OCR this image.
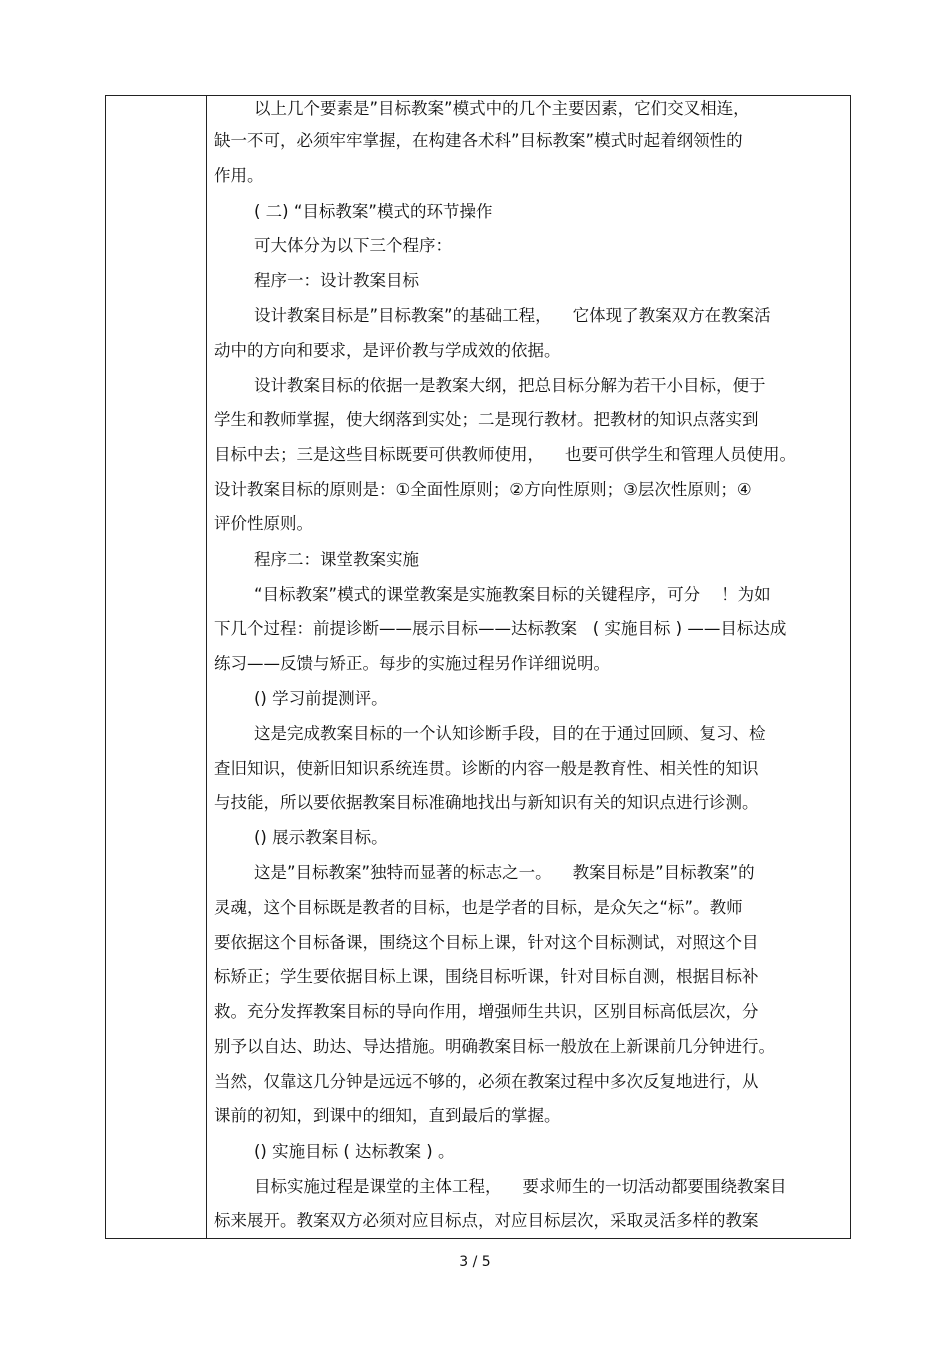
以上几个要素是”目标教案”模式中的几个主要因素，它们交叉相连，
缺一不可，必须牢牢掌握，在构建各术科”目标教案”模式时起着纲领性的
作用。
( 二) “目标教案”模式的环节操作
可大体分为以下三个程序：
程序一：设计教案目标
设计教案目标是”目标教案”的基础工程，    它体现了教案双方在教案活
动中的方向和要求，是评价教与学成效的依据。
设计教案目标的依据一是教案大纲，把总目标分解为若干小目标，便于
学生和教师掌握，使大纲落到实处；二是现行教材。把教材的知识点落实到
目标中去；三是这些目标既要可供教师使用，    也要可供学生和管理人员使用。
设计教案目标的原则是：①全面性原则；②方向性原则；③层次性原则；④
评价性原则。
程序二：课堂教案实施
“目标教案”模式的课堂教案是实施教案目标的关键程序，可分    ！为如
下几个过程：前提诊断——展示目标——达标教案   ( 实施目标 ) ——目标达成
练习——反馈与矫正。每步的实施过程另作详细说明。
() 学习前提测评。
这是完成教案目标的一个认知诊断手段，目的在于通过回顾、复习、检
查旧知识，使新旧知识系统连贯。诊断的内容一般是教育性、相关性的知识
与技能，所以要依据教案目标准确地找出与新知识有关的知识点进行诊测。
() 展示教案目标。
这是”目标教案”独特而显著的标志之一。    教案目标是”目标教案”的
灵魂，这个目标既是教者的目标，也是学者的目标，是众矢之“标”。教师
要依据这个目标备课，围绕这个目标上课，针对这个目标测试，对照这个目
标矫正；学生要依据目标上课，围绕目标听课，针对目标自测，根据目标补
救。充分发挥教案目标的导向作用，增强师生共识，区别目标高低层次，分
别予以自达、助达、导达措施。明确教案目标一般放在上新课前几分钟进行。
当然，仅靠这几分钟是远远不够的，必须在教案过程中多次反复地进行，从
课前的初知，到课中的细知，直到最后的掌握。
() 实施目标 ( 达标教案 ) 。
目标实施过程是课堂的主体工程，    要求师生的一切活动都要围绕教案目
标来展开。教案双方必须对应目标点，对应目标层次，采取灵活多样的教案
3 / 5
